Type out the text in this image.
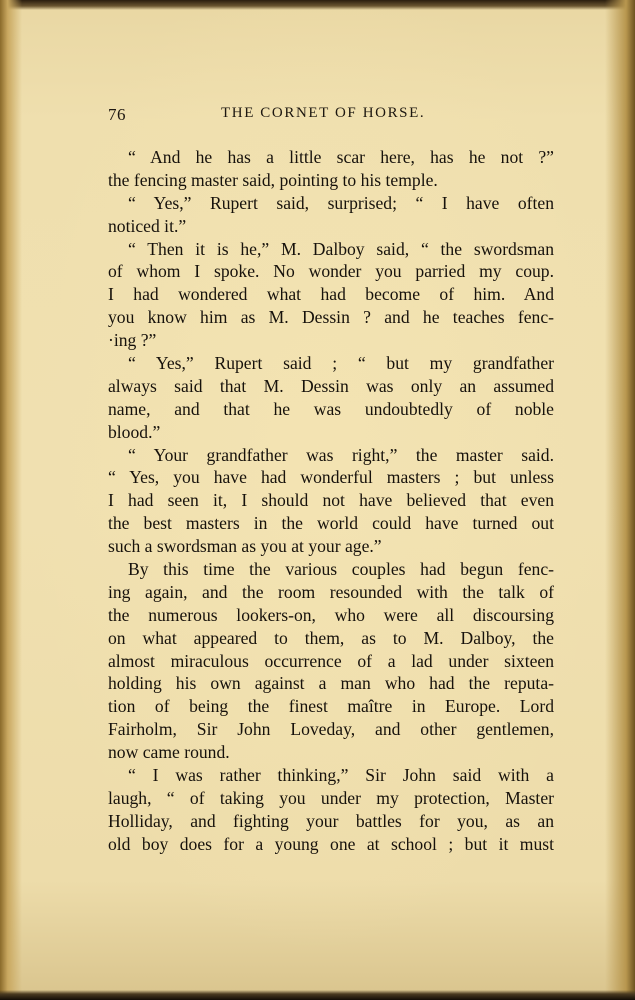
76	THE CORNET OF HORSE.
“ And he has a little scar here, has he not ?”
the fencing master said, pointing to his temple.
“ Yes,” Rupert said, surprised; “ I have often
noticed it.”
“ Then it is he,” M. Dalboy said, “ the swordsman
of whom I spoke. No wonder you parried my coup.
I had wondered what had become of him. And
you know him as M. Dessin ? and he teaches fenc-
·ing ?”
“ Yes,” Rupert said ; “ but my grandfather
always said that M. Dessin was only an assumed
name, and that he was undoubtedly of noble
blood.”
“ Your grandfather was right,” the master said.
“ Yes, you have had wonderful masters ; but unless
I had seen it, I should not have believed that even
the best masters in the world could have turned out
such a swordsman as you at your age.”
By this time the various couples had begun fenc-
ing again, and the room resounded with the talk of
the numerous lookers-on, who were all discoursing
on what appeared to them, as to M. Dalboy, the
almost miraculous occurrence of a lad under sixteen
holding his own against a man who had the reputa-
tion of being the finest maître in Europe. Lord
Fairholm, Sir John Loveday, and other gentlemen,
now came round.
“ I was rather thinking,” Sir John said with a
laugh, “ of taking you under my protection, Master
Holliday, and fighting your battles for you, as an
old boy does for a young one at school ; but it must
